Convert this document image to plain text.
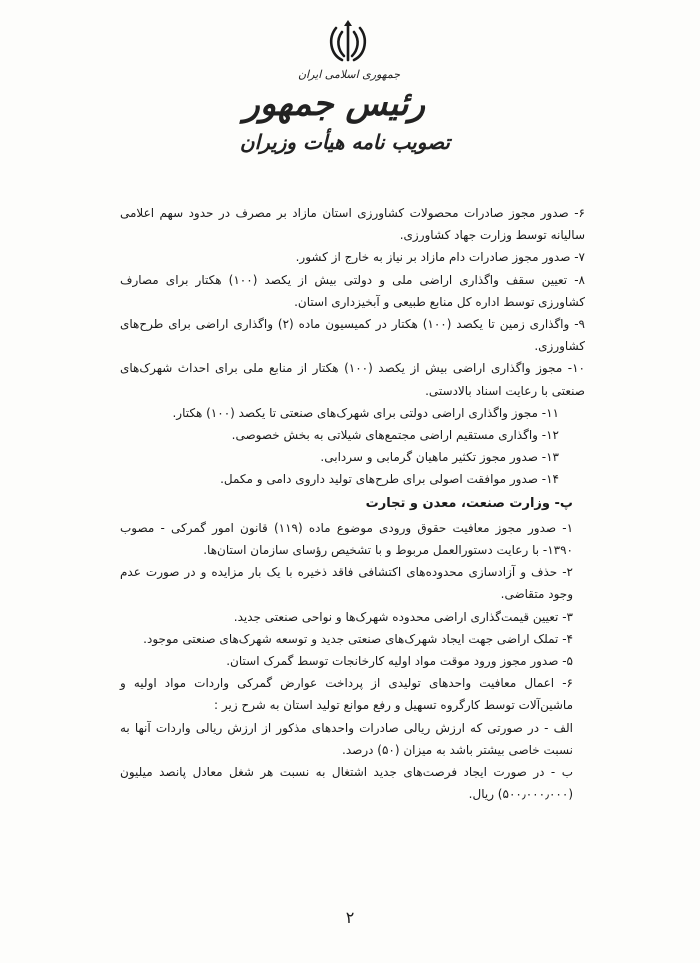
جمهوری اسلامی ایران
رئیس جمهور
تصویب نامه هیأت وزیران

۶- صدور مجوز صادرات محصولات کشاورزی استان مازاد بر مصرف در حدود سهم اعلامی سالیانه توسط وزارت جهاد کشاورزی.

۷- صدور مجوز صادرات دام مازاد بر نیاز به خارج از کشور.

۸- تعیین سقف واگذاری اراضی ملی و دولتی بیش از یکصد (۱۰۰) هکتار برای مصارف کشاورزی توسط اداره کل منابع طبیعی و آبخیزداری استان.

۹- واگذاری زمین تا یکصد (۱۰۰) هکتار در کمیسیون ماده (۲) واگذاری اراضی برای طرح‌های کشاورزی.

۱۰- مجوز واگذاری اراضی بیش از یکصد (۱۰۰) هکتار از منابع ملی برای احداث شهرک‌های صنعتی با رعایت اسناد بالادستی.

۱۱- مجوز واگذاری اراضی دولتی برای شهرک‌های صنعتی تا یکصد (۱۰۰) هکتار.

۱۲- واگذاری مستقیم اراضی مجتمع‌های شیلاتی به بخش خصوصی.

۱۳- صدور مجوز تکثیر ماهیان گرمابی و سردابی.

۱۴- صدور موافقت اصولی برای طرح‌های تولید داروی دامی و مکمل.

پ- وزارت صنعت، معدن و تجارت

۱- صدور مجوز معافیت حقوق ورودی موضوع ماده (۱۱۹) قانون امور گمرکی - مصوب ۱۳۹۰- با رعایت دستورالعمل مربوط و با تشخیص رؤسای سازمان استان‌ها.

۲- حذف و آزادسازی محدوده‌های اکتشافی فاقد ذخیره با یک بار مزایده و در صورت عدم وجود متقاضی.

۳- تعیین قیمت‌گذاری اراضی محدوده شهرک‌ها و نواحی صنعتی جدید.

۴- تملک اراضی جهت ایجاد شهرک‌های صنعتی جدید و توسعه شهرک‌های صنعتی موجود.

۵- صدور مجوز ورود موقت مواد اولیه کارخانجات توسط گمرک استان.

۶- اعمال معافیت واحدهای تولیدی از پرداخت عوارض گمرکی واردات مواد اولیه و ماشین‌آلات توسط کارگروه تسهیل و رفع موانع تولید استان به شرح زیر :

الف - در صورتی که ارزش ریالی صادرات واحدهای مذکور از ارزش ریالی واردات آنها به نسبت خاصی بیشتر باشد به میزان (۵۰) درصد.

ب - در صورت ایجاد فرصت‌های جدید اشتغال به نسبت هر شغل معادل پانصد میلیون (۵۰۰٫۰۰۰٫۰۰۰) ریال.

۲
